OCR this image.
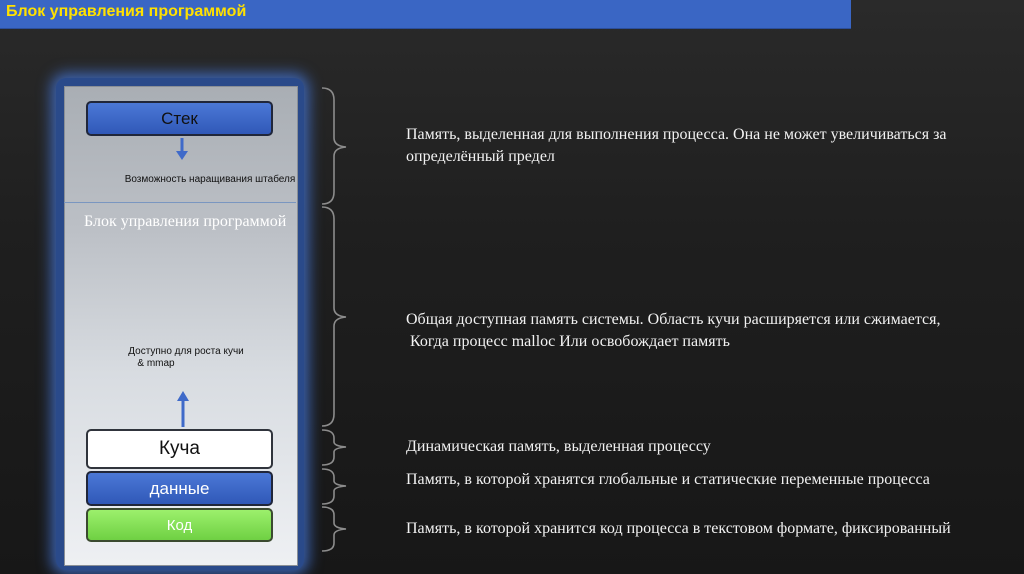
Блок управления программой
Стек
Возможность наращивания штабеля
Блок управления программой
Доступно для роста кучи
& mmap
Куча
данные
Код
Память, выделенная для выполнения процесса. Она не может увеличиваться за
определённый предел
Общая доступная память системы. Область кучи расширяется или сжимается,
Когда процесс malloc Или освобождает память
Динамическая память, выделенная процессу
Память, в которой хранятся глобальные и статические переменные процесса
Память, в которой хранится код процесса в текстовом формате, фиксированный
